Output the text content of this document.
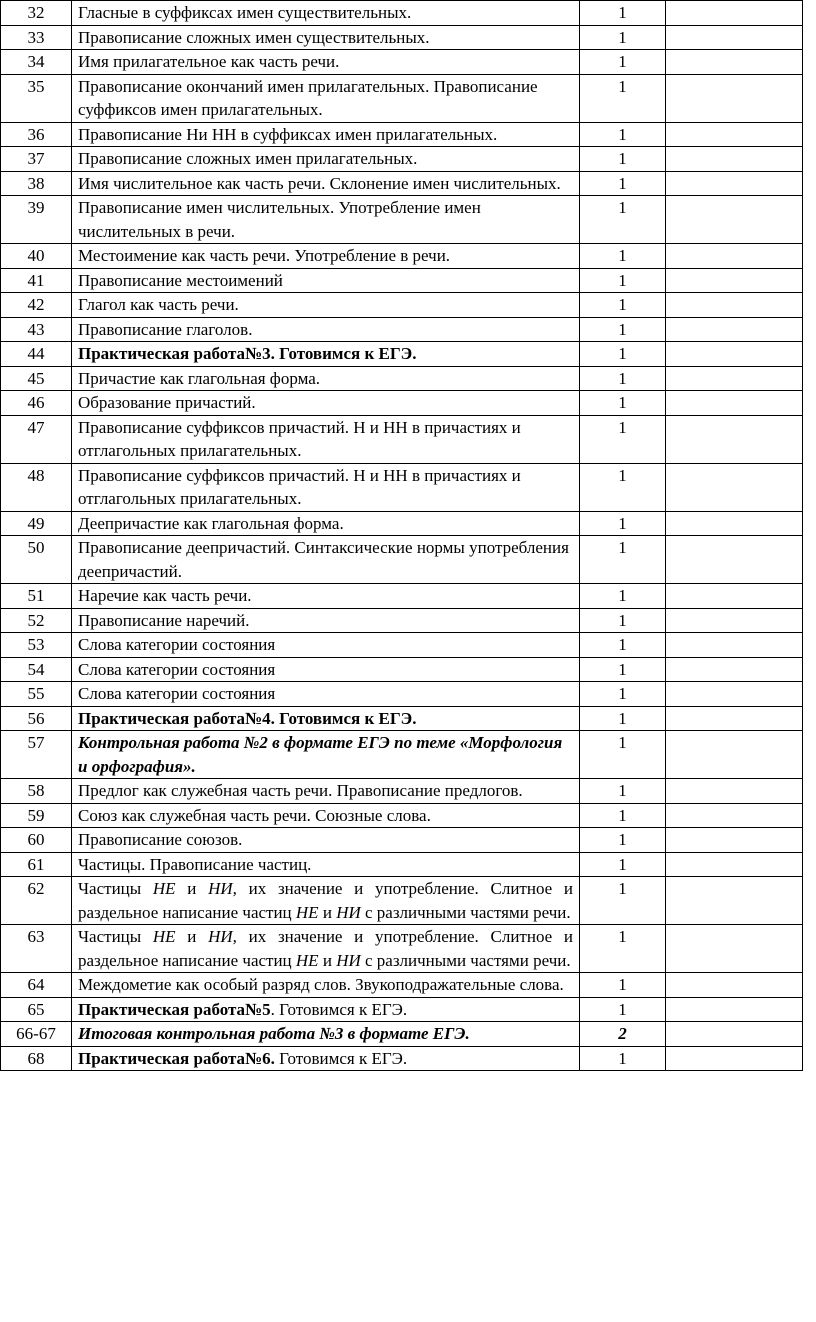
32	Гласные в суффиксах имен существительных.	1	
33	Правописание сложных имен существительных.	1	
34	Имя прилагательное как часть речи.	1	
35	Правописание окончаний имен прилагательных. Правописание суффиксов имен прилагательных.	1	
36	Правописание Ни НН в суффиксах имен прилагательных.	1	
37	Правописание сложных имен прилагательных.	1	
38	Имя числительное как часть речи. Склонение имен числительных.	1	
39	Правописание имен числительных. Употребление имен числительных в речи.	1	
40	Местоимение как часть речи. Употребление в речи.	1	
41	Правописание местоимений	1	
42	Глагол как часть речи.	1	
43	Правописание глаголов.	1	
44	Практическая работа№3. Готовимся к ЕГЭ.	1	
45	Причастие как глагольная форма.	1	
46	Образование причастий.	1	
47	Правописание суффиксов причастий. Н и НН в причастиях и отглагольных прилагательных.	1	
48	Правописание суффиксов причастий. Н и НН в причастиях и отглагольных прилагательных.	1	
49	Деепричастие как глагольная форма.	1	
50	Правописание деепричастий. Синтаксические нормы употребления деепричастий.	1	
51	Наречие как часть речи.	1	
52	Правописание наречий.	1	
53	Слова категории состояния	1	
54	Слова категории состояния	1	
55	Слова категории состояния	1	
56	Практическая работа№4. Готовимся к ЕГЭ.	1	
57	Контрольная работа №2 в формате ЕГЭ по теме «Морфология и орфография».	1	
58	Предлог как служебная часть речи. Правописание предлогов.	1	
59	Союз как служебная часть речи. Союзные слова.	1	
60	Правописание союзов.	1	
61	Частицы. Правописание частиц.	1	
62	Частицы НЕ и НИ, их значение и употребление. Слитное и раздельное написание частиц НЕ и НИ с различными частями речи.	1	
63	Частицы НЕ и НИ, их значение и употребление. Слитное и раздельное написание частиц НЕ и НИ с различными частями речи.	1	
64	Междометие как особый разряд слов. Звукоподражательные слова.	1	
65	Практическая работа№5. Готовимся к ЕГЭ.	1	
66-67	Итоговая контрольная работа №3 в формате ЕГЭ.	2	
68	Практическая работа№6. Готовимся к ЕГЭ.	1	
